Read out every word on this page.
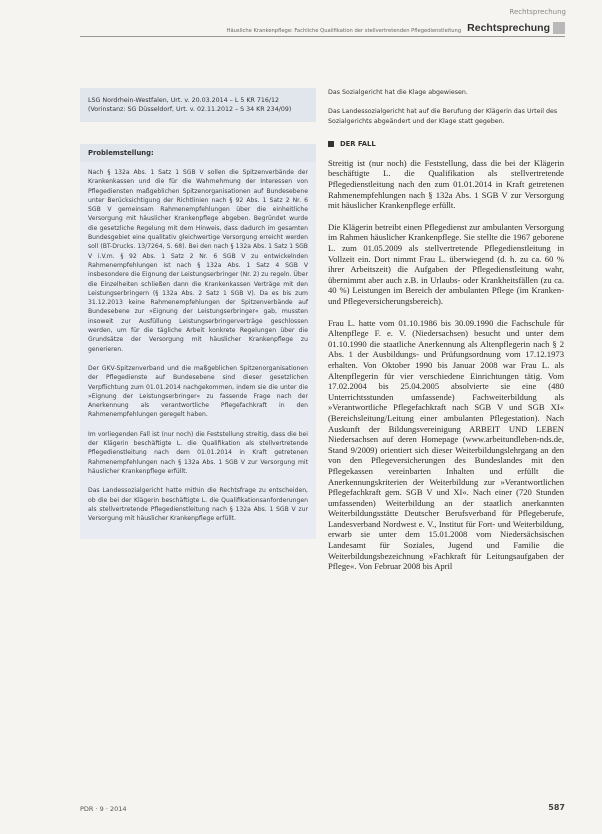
Rechtsprechung
Häusliche Krankenpflege: Fachliche Qualifikation der stellvertretenden Pflegedienstleitung Rechtsprechung
LSG Nordrhein-Westfalen, Urt. v. 20.03.2014 – L 5 KR 716/12 (Vorinstanz: SG Düsseldorf, Urt. v. 02.11.2012 – S 34 KR 234/09)
Problemstellung:

Nach § 132a Abs. 1 Satz 1 SGB V sollen die Spitzenverbände der Krankenkassen und die für die Wahrnehmung der Interessen von Pflegediensten maßgeblichen Spitzenorganisationen auf Bundesebene unter Berücksichtigung der Richtlinien nach § 92 Abs. 1 Satz 2 Nr. 6 SGB V gemeinsam Rahmenempfehlungen über die einheitliche Versorgung mit häuslicher Krankenpflege abgeben. Begründet wurde die gesetzliche Regelung mit dem Hinweis, dass dadurch im gesamten Bundesgebiet eine qualitativ gleichwertige Versorgung erreicht werden soll (BT-Drucks. 13/7264, S. 68). Bei den nach § 132a Abs. 1 Satz 1 SGB V i.V.m. § 92 Abs. 1 Satz 2 Nr. 6 SGB V zu entwickelnden Rahmenempfehlungen ist nach § 132a Abs. 1 Satz 4 SGB V insbesondere die Eignung der Leistungserbringer (Nr. 2) zu regeln. Über die Einzelheiten schließen dann die Krankenkassen Verträge mit den Leistungserbringern (§ 132a Abs. 2 Satz 1 SGB V). Da es bis zum 31.12.2013 keine Rahmenempfehlungen der Spitzenverbände auf Bundesebene zur »Eignung der Leistungserbringer« gab, mussten insoweit zur Ausfüllung Leistungserbringerverträge geschlossen werden, um für die tägliche Arbeit konkrete Regelungen über die Grundsätze der Versorgung mit häuslicher Krankenpflege zu generieren.

Der GKV-Spitzenverband und die maßgeblichen Spitzenorganisationen der Pflegedienste auf Bundesebene sind dieser gesetzlichen Verpflichtung zum 01.01.2014 nachgekommen, indem sie die unter die »Eignung der Leistungserbringer« zu fassende Frage nach der Anerkennung als verantwortliche Pflegefachkraft in den Rahmenempfehlungen geregelt haben.

Im vorliegenden Fall ist (nur noch) die Feststellung streitig, dass die bei der Klägerin beschäftigte L. die Qualifikation als stellvertretende Pflegedienstleitung nach dem 01.01.2014 in Kraft getretenen Rahmenempfehlungen nach § 132a Abs. 1 SGB V zur Versorgung mit häuslicher Krankenpflege erfüllt.

Das Landessozialgericht hatte mithin die Rechtsfrage zu entscheiden, ob die bei der Klägerin beschäftigte L. die Qualifikationsanforderungen als stellvertretende Pflegedienstleitung nach § 132a Abs. 1 SGB V zur Versorgung mit häuslicher Krankenpflege erfüllt.

Das Sozialgericht hat die Klage abgewiesen.

Das Landessozialgericht hat auf die Berufung der Klägerin das Urteil des Sozialgerichts abgeändert und der Klage statt gegeben.

DER FALL

Streitig ist (nur noch) die Feststellung, dass die bei der Klägerin beschäftigte L. die Qualifikation als stellvertretende Pflegedienstleitung nach den zum 01.01.2014 in Kraft getretenen Rahmenempfehlungen nach § 132a Abs. 1 SGB V zur Versorgung mit häuslicher Krankenpflege erfüllt.

Die Klägerin betreibt einen Pflegedienst zur ambulanten Versorgung im Rahmen häuslicher Krankenpflege. Sie stellte die 1967 geborene L. zum 01.05.2009 als stellvertretende Pflegedienstleitung in Vollzeit ein. Dort nimmt Frau L. überwiegend (d. h. zu ca. 60 % ihrer Arbeitszeit) die Aufgaben der Pflegedienstleitung wahr, übernimmt aber auch z.B. in Urlaubs- oder Krankheitsfällen (zu ca. 40 %) Leistungen im Bereich der ambulanten Pflege (im Kranken- und Pflegeversicherungsbereich).

Frau L. hatte vom 01.10.1986 bis 30.09.1990 die Fachschule für Altenpflege F. e. V. (Niedersachsen) besucht und unter dem 01.10.1990 die staatliche Anerkennung als Altenpflegerin nach § 2 Abs. 1 der Ausbildungs- und Prüfungsordnung vom 17.12.1973 erhalten. Von Oktober 1990 bis Januar 2008 war Frau L. als Altenpflegerin für vier verschiedene Einrichtungen tätig. Vom 17.02.2004 bis 25.04.2005 absolvierte sie eine (480 Unterrichtsstunden umfassende) Fachweiterbildung als »Verantwortliche Pflegefachkraft nach SGB V und SGB XI« (Bereichsleitung/Leitung einer ambulanten Pflegestation). Nach Auskunft der Bildungsvereinigung ARBEIT UND LEBEN Niedersachsen auf deren Homepage (www.arbeitundleben-nds.de, Stand 9/2009) orientiert sich dieser Weiterbildungslehrgang an den von den Pflegeversicherungen des Bundeslandes mit den Pflegekassen vereinbarten Inhalten und erfüllt die Anerkennungskriterien der Weiterbildung zur »Verantwortlichen Pflegefachkraft gem. SGB V und XI«. Nach einer (720 Stunden umfassenden) Weiterbildung an der staatlich anerkannten Weiterbildungsstätte Deutscher Berufsverband für Pflegeberufe, Landesverband Nordwest e. V., Institut für Fort- und Weiterbildung, erwarb sie unter dem 15.01.2008 vom Niedersächsischen Landesamt für Soziales, Jugend und Familie die Weiterbildungsbezeichnung »Fachkraft für Leitungsaufgaben der Pflege«. Von Februar 2008 bis April

PDR · 9 · 2014	587
